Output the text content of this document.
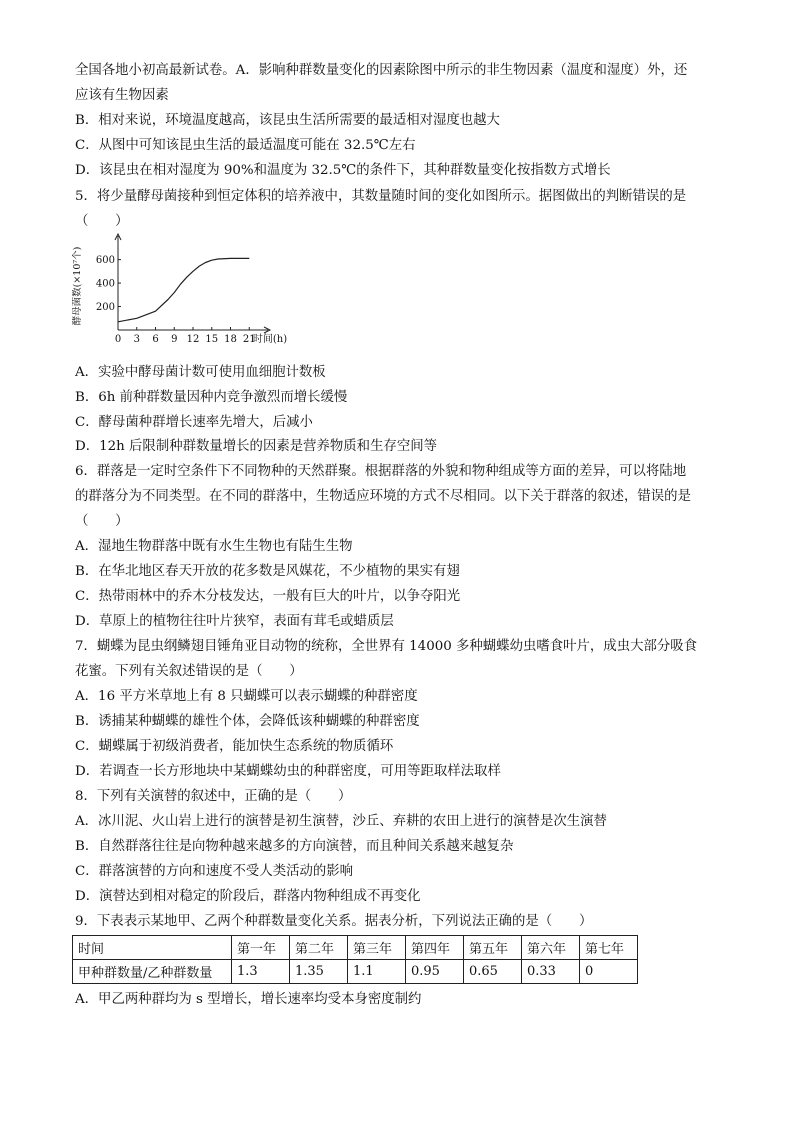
全国各地小初高最新试卷。A．影响种群数量变化的因素除图中所示的非生物因素（温度和湿度）外，还
应该有生物因素
B．相对来说，环境温度越高，该昆虫生活所需要的最适相对湿度也越大
C．从图中可知该昆虫生活的最适温度可能在 32.5℃左右
D．该昆虫在相对湿度为 90%和温度为 32.5℃的条件下，其种群数量变化按指数方式增长
5．将少量酵母菌接种到恒定体积的培养液中，其数量随时间的变化如图所示。据图做出的判断错误的是
（　　）
0 3 6 9 12 15 18 21
200
400
600
时间(h)
酵母菌数(×10⁷个)
A．实验中酵母菌计数可使用血细胞计数板
B．6h 前种群数量因种内竞争激烈而增长缓慢
C．酵母菌种群增长速率先增大，后减小
D．12h 后限制种群数量增长的因素是营养物质和生存空间等
6．群落是一定时空条件下不同物种的天然群聚。根据群落的外貌和物种组成等方面的差异，可以将陆地
的群落分为不同类型。在不同的群落中，生物适应环境的方式不尽相同。以下关于群落的叙述，错误的是
（　　）
A．湿地生物群落中既有水生生物也有陆生生物
B．在华北地区春天开放的花多数是风媒花，不少植物的果实有翅
C．热带雨林中的乔木分枝发达，一般有巨大的叶片，以争夺阳光
D．草原上的植物往往叶片狭窄，表面有茸毛或蜡质层
7．蝴蝶为昆虫纲鳞翅目锤角亚目动物的统称，全世界有 14000 多种蝴蝶幼虫嗜食叶片，成虫大部分吸食
花蜜。下列有关叙述错误的是（　　）
A．16 平方米草地上有 8 只蝴蝶可以表示蝴蝶的种群密度
B．诱捕某种蝴蝶的雄性个体，会降低该种蝴蝶的种群密度
C．蝴蝶属于初级消费者，能加快生态系统的物质循环
D．若调查一长方形地块中某蝴蝶幼虫的种群密度，可用等距取样法取样
8．下列有关演替的叙述中，正确的是（　　）
A．冰川泥、火山岩上进行的演替是初生演替，沙丘、弃耕的农田上进行的演替是次生演替
B．自然群落往往是向物种越来越多的方向演替，而且种间关系越来越复杂
C．群落演替的方向和速度不受人类活动的影响
D．演替达到相对稳定的阶段后，群落内物种组成不再变化
9．下表表示某地甲、乙两个种群数量变化关系。据表分析，下列说法正确的是（　　）
时间	第一年	第二年	第三年	第四年	第五年	第六年	第七年
甲种群数量/乙种群数量	1.3	1.35	1.1	0.95	0.65	0.33	0
A．甲乙两种群均为 s 型增长，增长速率均受本身密度制约
